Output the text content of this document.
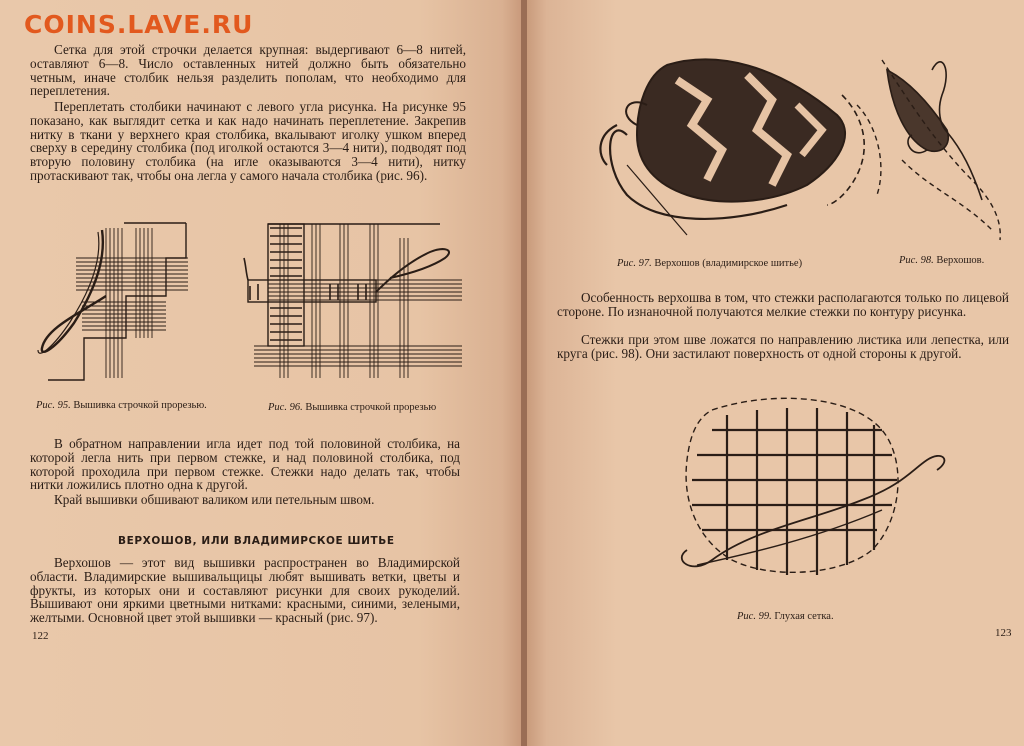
COINS.LAVE.RU

Сетка для этой строчки делается крупная: выдергивают 6—8 нитей, оставляют 6—8. Число оставленных нитей должно быть обязательно четным, иначе столбик нельзя разделить пополам, что необходимо для переплетения.

Переплетать столбики начинают с левого угла рисунка. На рисунке 95 показано, как выглядит сетка и как надо начинать переплетение. Закрепив нитку в ткани у верхнего края столбика, вкалывают иголку ушком вперед сверху в середину столбика (под иголкой остаются 3—4 нити), подводят под вторую половину столбика (на игле оказываются 3—4 нити), нитку протаскивают так, чтобы она легла у самого начала столбика (рис. 96).

Рис. 95. Вышивка строчкой прорезью.	Рис. 96. Вышивка строчкой прорезью

В обратном направлении игла идет под той половиной столбика, на которой легла нить при первом стежке, и над половиной столбика, под которой проходила при первом стежке. Стежки надо делать так, чтобы нитки ложились плотно одна к другой.

Край вышивки обшивают валиком или петельным швом.

ВЕРХОШОВ, ИЛИ ВЛАДИМИРСКОЕ ШИТЬЕ

Верхошов — этот вид вышивки распространен во Владимирской области. Владимирские вышивальщицы любят вышивать ветки, цветы и фрукты, из которых они и составляют рисунки для своих рукоделий. Вышивают они яркими цветными нитками: красными, синими, зелеными, желтыми. Основной цвет этой вышивки — красный (рис. 97).

122

Рис. 97. Верхошов (владимирское шитье)	Рис. 98. Верхошов.

Особенность верхошва в том, что стежки располагаются только по лицевой стороне. По изнаночной получаются мелкие стежки по контуру рисунка.

Стежки при этом шве ложатся по направлению листика или лепестка, или круга (рис. 98). Они застилают поверхность от одной стороны к другой.

Рис. 99. Глухая сетка.

123
